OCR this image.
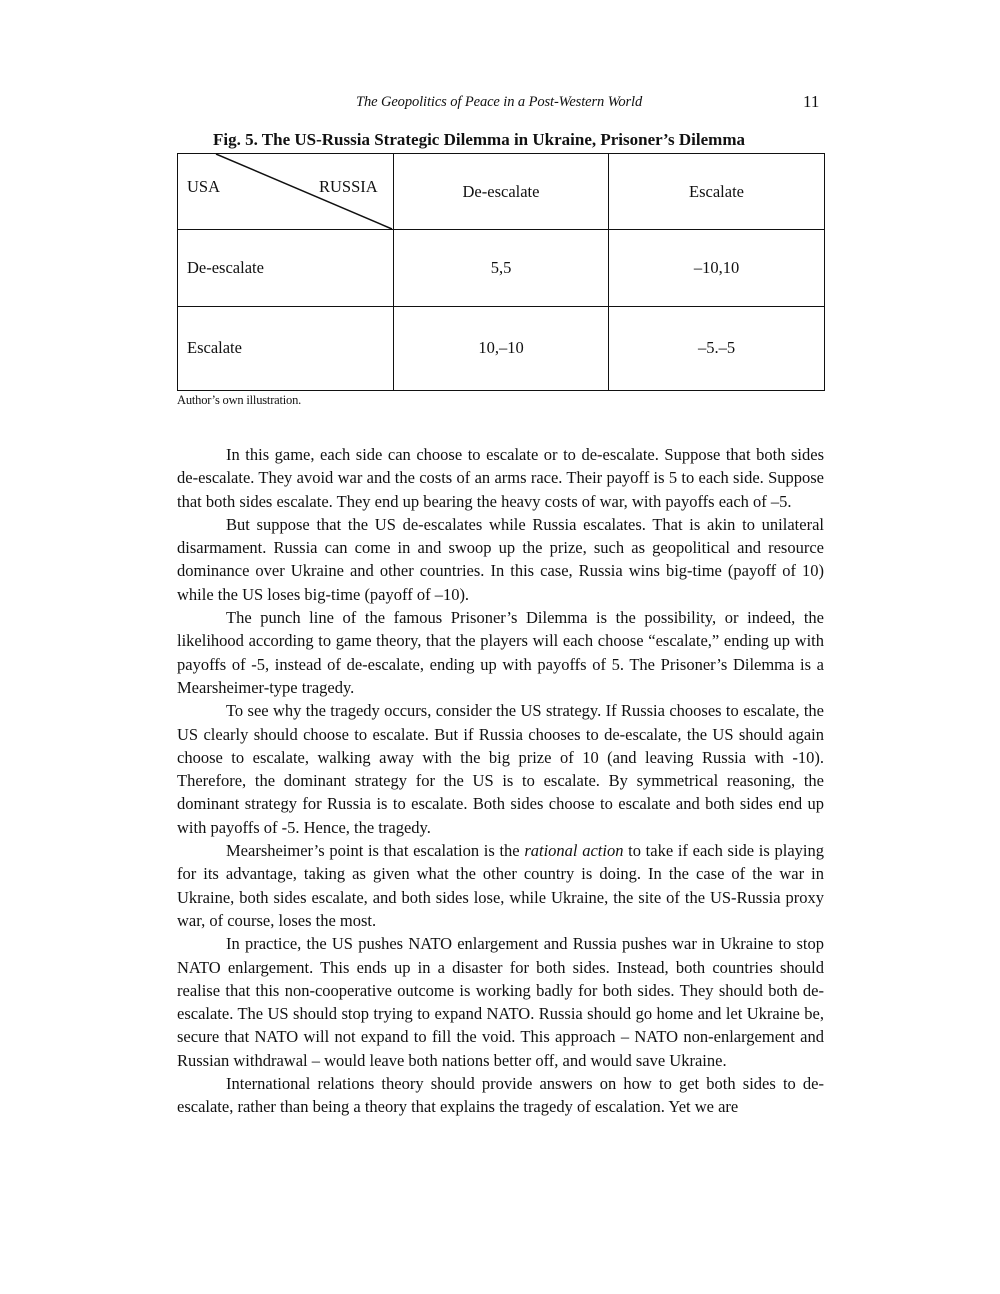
The Geopolitics of Peace in a Post-Western World	11
Fig. 5. The US-Russia Strategic Dilemma in Ukraine, Prisoner’s Dilemma
USA RUSSIA	De-escalate	Escalate
De-escalate	5,5	–10,10
Escalate	10,–10	–5.–5
Author’s own illustration.

In this game, each side can choose to escalate or to de-escalate. Suppose that both sides de-escalate. They avoid war and the costs of an arms race. Their payoff is 5 to each side. Suppose that both sides escalate. They end up bearing the heavy costs of war, with payoffs each of –5.

But suppose that the US de-escalates while Russia escalates. That is akin to unilateral disarmament. Russia can come in and swoop up the prize, such as geopolitical and resource dominance over Ukraine and other countries. In this case, Russia wins big-time (payoff of 10) while the US loses big-time (payoff of –10).

The punch line of the famous Prisoner’s Dilemma is the possibility, or indeed, the likelihood according to game theory, that the players will each choose “escalate,” ending up with payoffs of -5, instead of de-escalate, ending up with payoffs of 5. The Prisoner’s Dilemma is a Mearsheimer-type tragedy.

To see why the tragedy occurs, consider the US strategy. If Russia chooses to escalate, the US clearly should choose to escalate. But if Russia chooses to de-escalate, the US should again choose to escalate, walking away with the big prize of 10 (and leaving Russia with -10). Therefore, the dominant strategy for the US is to escalate. By symmetrical reasoning, the dominant strategy for Russia is to escalate. Both sides choose to escalate and both sides end up with payoffs of -5. Hence, the tragedy.

Mearsheimer’s point is that escalation is the rational action to take if each side is playing for its advantage, taking as given what the other country is doing. In the case of the war in Ukraine, both sides escalate, and both sides lose, while Ukraine, the site of the US-Russia proxy war, of course, loses the most.

In practice, the US pushes NATO enlargement and Russia pushes war in Ukraine to stop NATO enlargement. This ends up in a disaster for both sides. Instead, both countries should realise that this non-cooperative outcome is working badly for both sides. They should both de-escalate. The US should stop trying to expand NATO. Russia should go home and let Ukraine be, secure that NATO will not expand to fill the void. This approach – NATO non-enlargement and Russian withdrawal – would leave both nations better off, and would save Ukraine.

International relations theory should provide answers on how to get both sides to de-escalate, rather than being a theory that explains the tragedy of escalation. Yet we are
